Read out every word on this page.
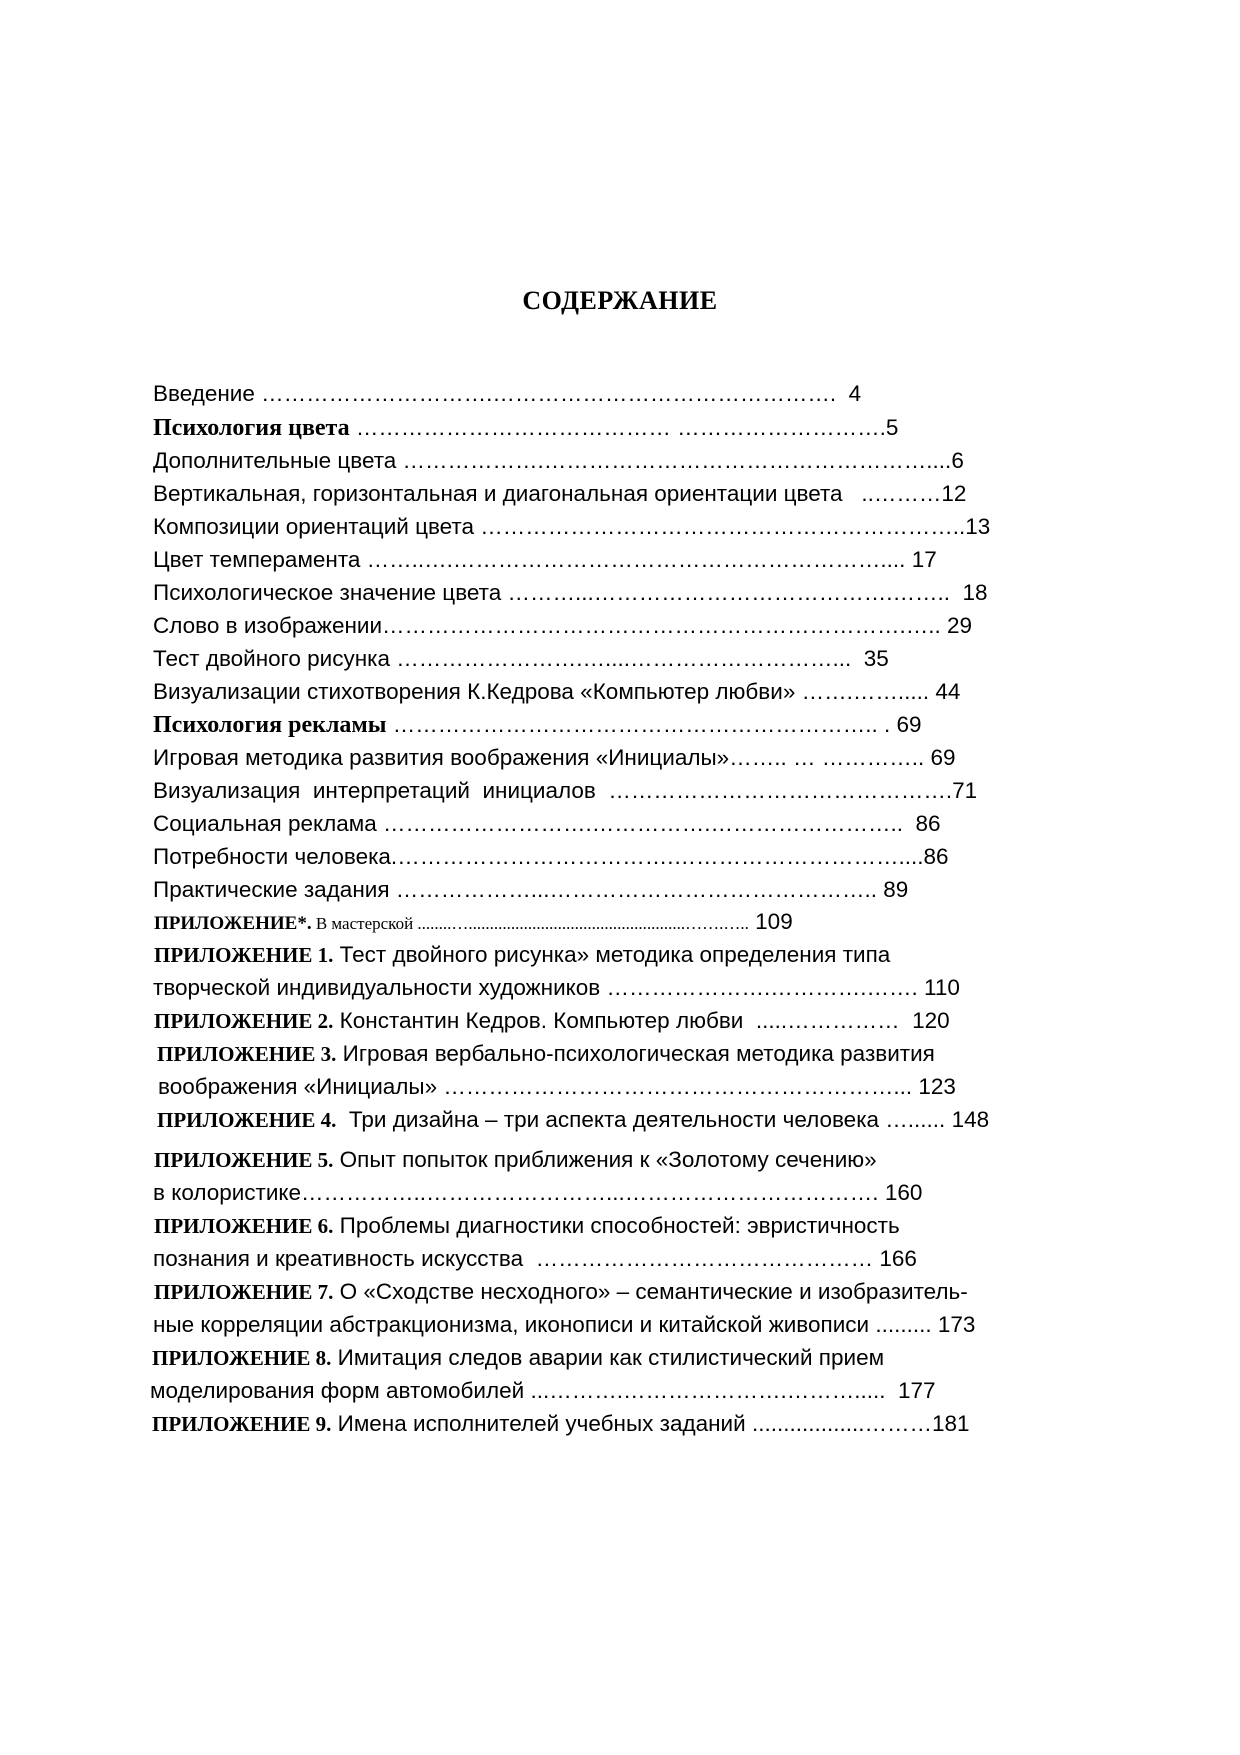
СОДЕРЖАНИЕ

Введение ………………………….……………………………………….  4

Психология цвета …………………………………… ……………………….5

Дополнительные цвета ……………….……………………………………………....6

Вертикальная, горизонтальная и диагональная ориентации цвета   ..………12

Композиции ориентаций цвета ………………………………………………………..13

Цвет темперамента ……..….………………………………………………….... 17

Психологическое значение цвета ………...………………………………….……..  18

Слово в изображении…………………………………………………………….….. 29

Тест двойного рисунка …………………….…....………………………...  35

Визуализации стихотворения К.Кедрова «Компьютер любви» …….……..... 44

Психология рекламы ……………………………………………………….. . 69

Игровая методика развития воображения «Инициалы»…….. … ………….. 69

Визуализация  интерпретаций  инициалов  ……………………………………….71

Социальная реклама ……………………….…………….……………………..  86

Потребности человека.……………………………….…………………………....86

Практические задания ………………...…………………………………….. 89

ПРИЛОЖЕНИЕ*. В мастерской ........…...................................................…….….. 109

ПРИЛОЖЕНИЕ 1. Тест двойного рисунка» методика определения типа

творческой индивидуальности художников ………………….………….……. 110

ПРИЛОЖЕНИЕ 2. Константин Кедров. Компьютер любви  .....……………  120

ПРИЛОЖЕНИЕ 3. Игровая вербально-психологическая методика развития

воображения «Инициалы» ……………………………………………………... 123

ПРИЛОЖЕНИЕ 4.  Три дизайна – три аспекта деятельности человека …...... 148

ПРИЛОЖЕНИЕ 5. Опыт попыток приближения к «Золотому сечению»

в колористике……………..……………………...……………………………. 160

ПРИЛОЖЕНИЕ 6. Проблемы диагностики способностей: эвристичность

познания и креативность искусства  ……………………………………… 166

ПРИЛОЖЕНИЕ 7. О «Сходстве несходного» – семантические и изобразитель-

ные корреляции абстракционизма, иконописи и китайской живописи ......... 173

ПРИЛОЖЕНИЕ 8. Имитация следов аварии как стилистический прием

моделирования форм автомобилей ...……….………………….……….....  177

ПРИЛОЖЕНИЕ 9. Имена исполнителей учебных заданий ..................………181
